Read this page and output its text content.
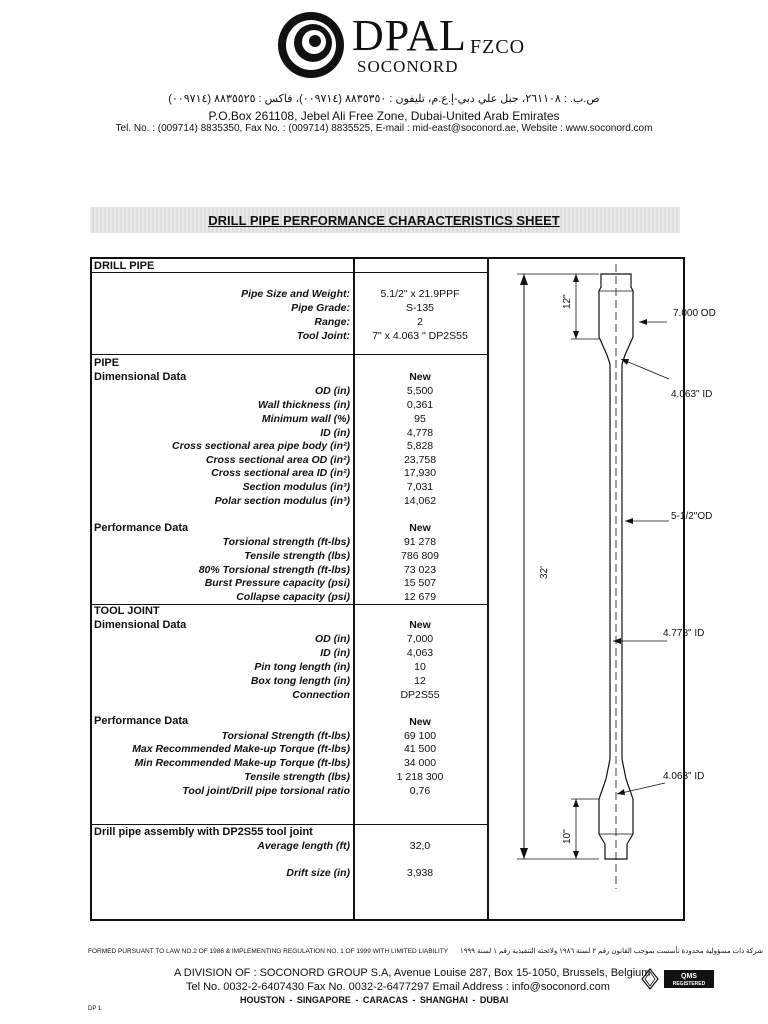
DPAL FZCO
SOCONORD
ص.ب. : ٢٦١١٠٨، جبل علي دبي-إ.ع.م، تليفون : ٨٨٣٥٣٥٠ (٠٠٩٧١٤)، فاكس : ٨٨٣٥٥٢٥ (٠٠٩٧١٤)
P.O.Box 261108, Jebel Ali Free Zone, Dubai-United Arab Emirates
Tel. No. : (009714) 8835350, Fax No. : (009714) 8835525, E-mail : mid-east@soconord.ae, Website : www.soconord.com
DRILL PIPE PERFORMANCE CHARACTERISTICS SHEET
DRILL PIPE
Pipe Size and Weight:	5.1/2" x 21.9PPF
Pipe Grade:	S-135
Range:	2
Tool Joint:	7" x 4.063 " DP2S55
PIPE
Dimensional Data	New
OD (in)	5,500
Wall thickness (in)	0,361
Minimum wall (%)	95
ID (in)	4,778
Cross sectional area pipe body (in²)	5,828
Cross sectional area OD (in²)	23,758
Cross sectional area ID (in²)	17,930
Section modulus (in³)	7,031
Polar section modulus (in³)	14,062
Performance Data	New
Torsional strength (ft-lbs)	91 278
Tensile strength (lbs)	786 809
80% Torsional strength (ft-lbs)	73 023
Burst Pressure capacity (psi)	15 507
Collapse capacity (psi)	12 679
TOOL JOINT
Dimensional Data	New
OD (in)	7,000
ID (in)	4,063
Pin tong length (in)	10
Box tong length (in)	12
Connection	DP2S55
Performance Data	New
Torsional Strength (ft-lbs)	69 100
Max Recommended Make-up Torque (ft-lbs)	41 500
Min Recommended Make-up Torque (ft-lbs)	34 000
Tensile strength (lbs)	1 218 300
Tool joint/Drill pipe torsional ratio	0,76
Drill pipe assembly with DP2S55 tool joint
Average length (ft)	32,0
Drift size (in)	3,938
32'
12"
10"
7.000 OD
4.063" ID
5-1/2"OD
4.778" ID
4.063" ID
FORMED PURSUANT TO LAW NO.2 OF 1986 & IMPLEMENTING REGULATION NO. 1 OF 1999 WITH LIMITED LIABILITY	شركة ذات مسؤولية محدودة تأسست بموجب القانون رقم ٢ لسنة ١٩٨٦ ولائحته التنفيذية رقم ١ لسنة ١٩٩٩
A DIVISION OF : SOCONORD GROUP S.A, Avenue Louise 287, Box 15-1050, Brussels, Belgium
Tel No. 0032-2-6407430 Fax No. 0032-2-6477297 Email Address : info@soconord.com
HOUSTON - SINGAPORE - CARACAS - SHANGHAI - DUBAI
DP 1
QMS
REGISTERED
